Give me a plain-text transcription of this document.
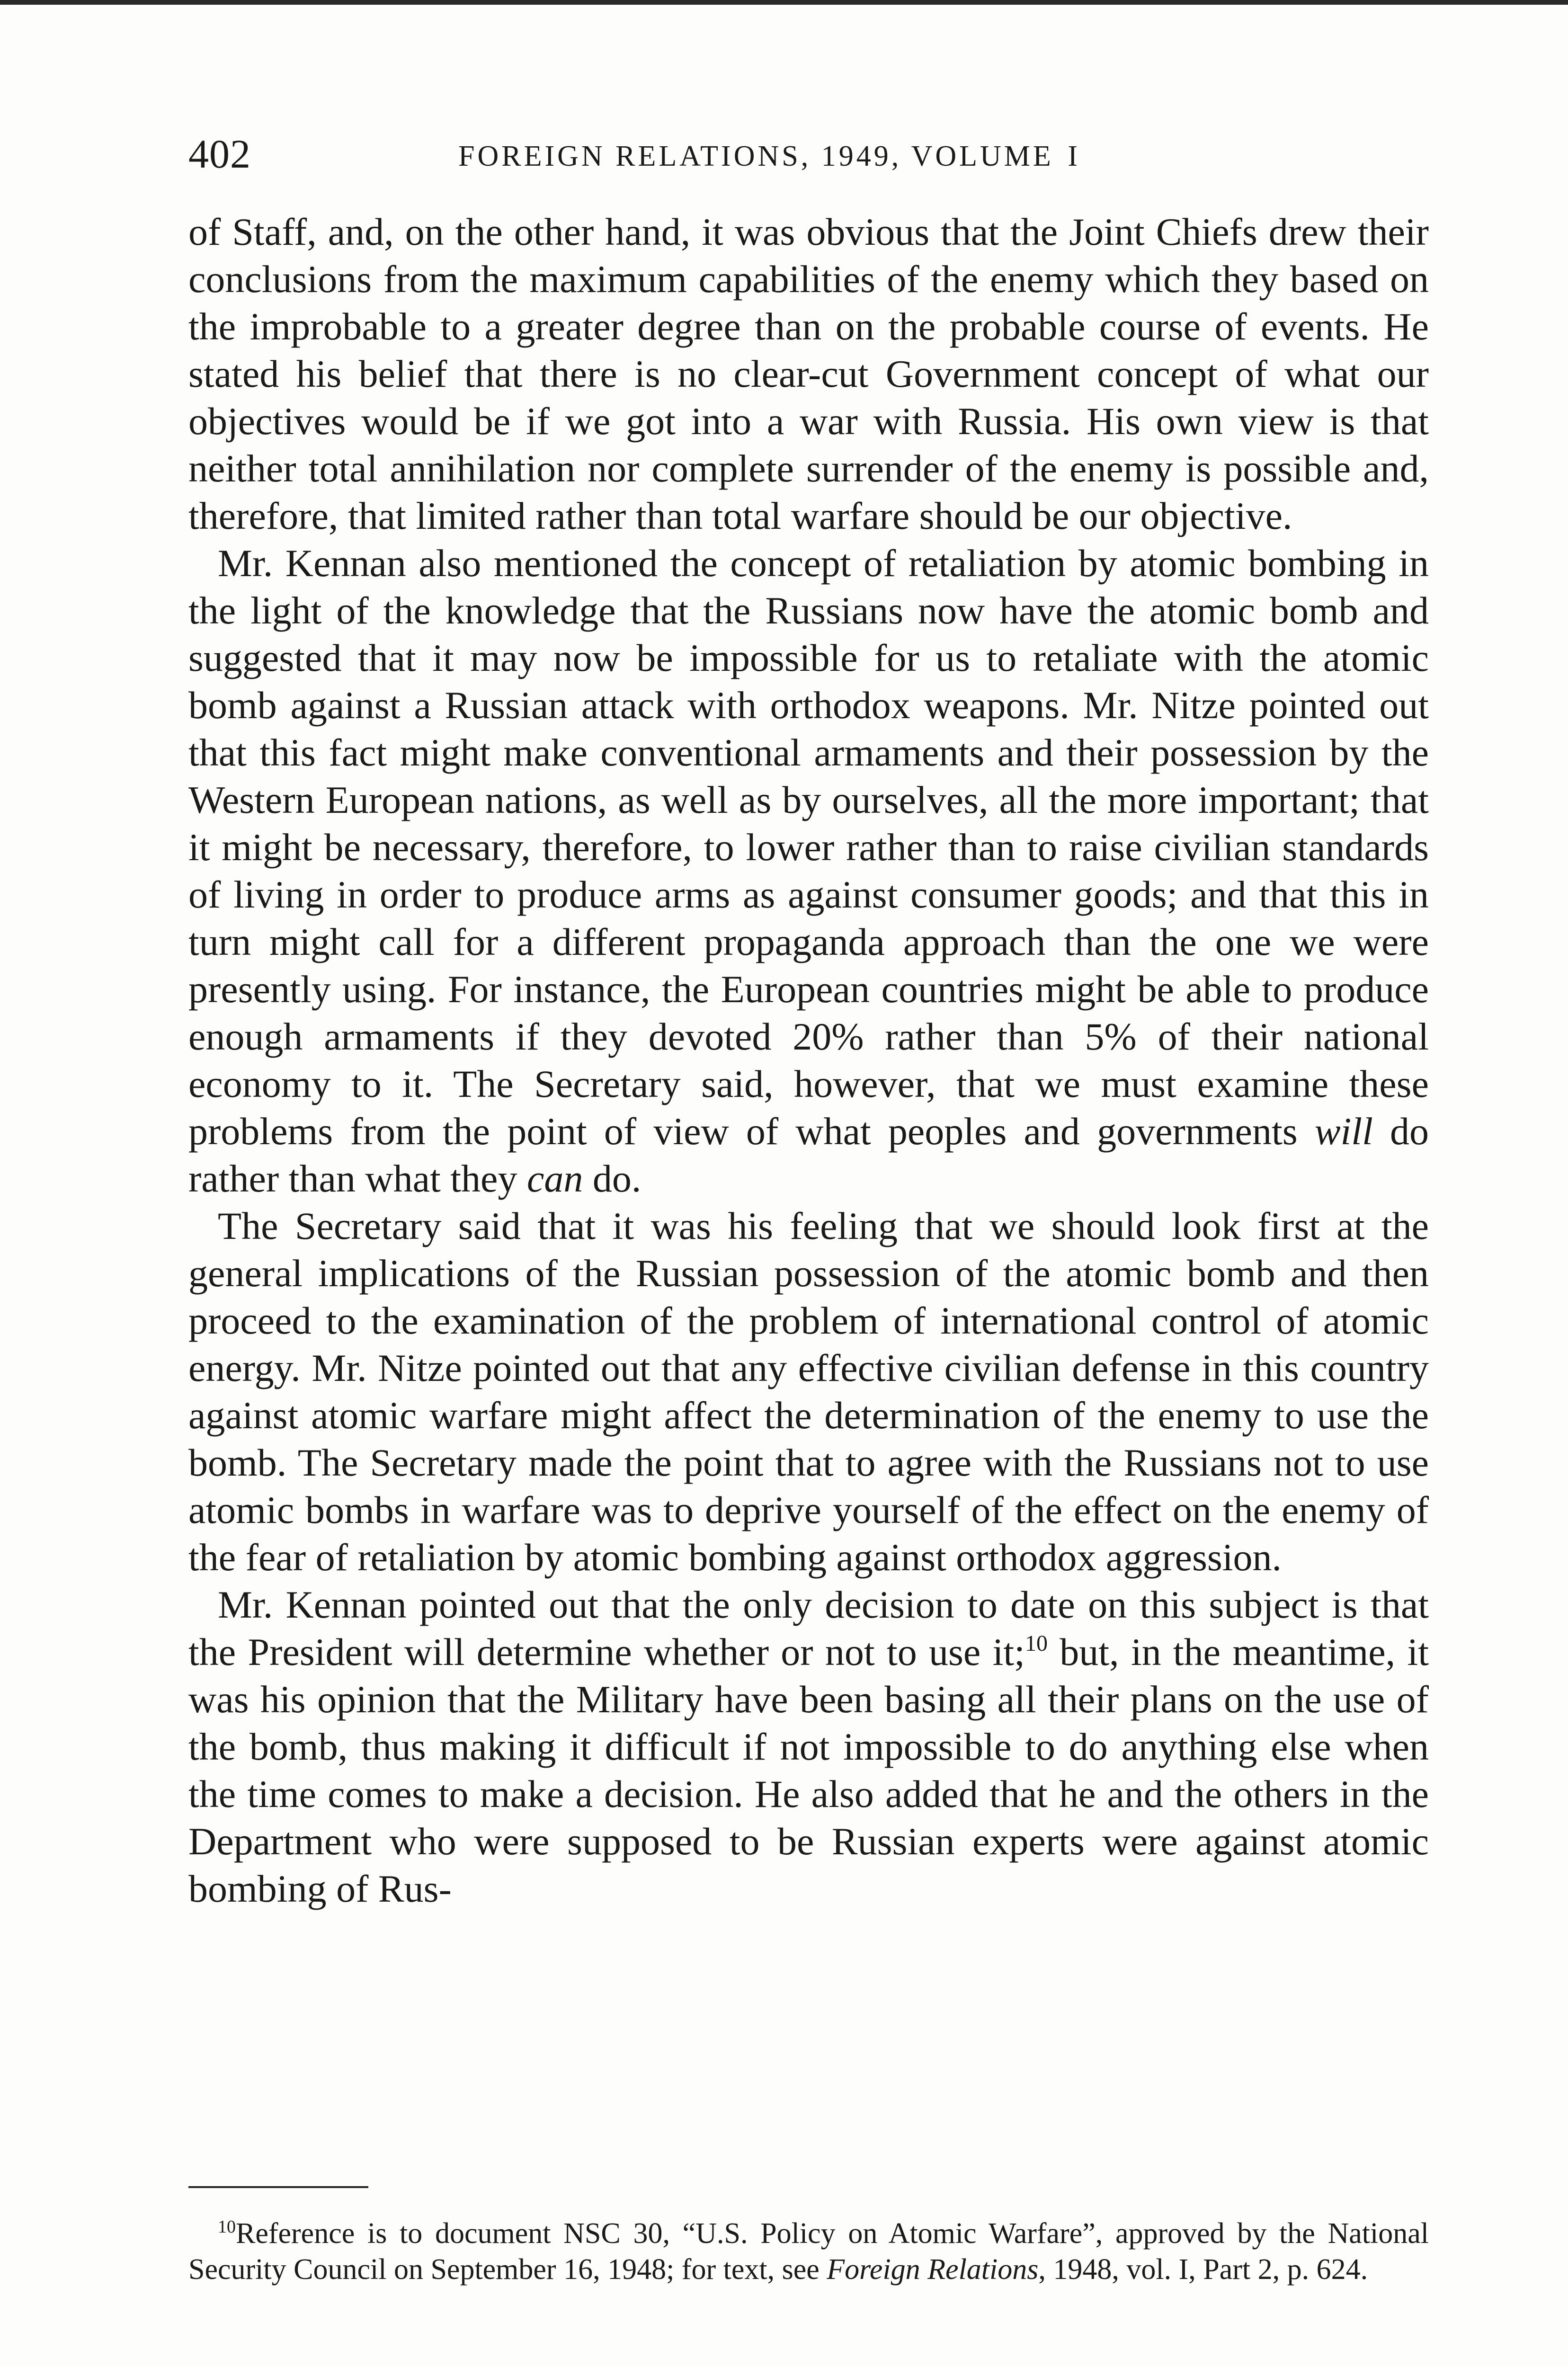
402	FOREIGN RELATIONS, 1949, VOLUME I

of Staff, and, on the other hand, it was obvious that the Joint Chiefs drew their conclusions from the maximum capabilities of the enemy which they based on the improbable to a greater degree than on the probable course of events. He stated his belief that there is no clear-cut Government concept of what our objectives would be if we got into a war with Russia. His own view is that neither total annihilation nor complete surrender of the enemy is possible and, therefore, that limited rather than total warfare should be our objective.

Mr. Kennan also mentioned the concept of retaliation by atomic bombing in the light of the knowledge that the Russians now have the atomic bomb and suggested that it may now be impossible for us to retaliate with the atomic bomb against a Russian attack with orthodox weapons. Mr. Nitze pointed out that this fact might make conventional armaments and their possession by the Western European nations, as well as by ourselves, all the more important; that it might be necessary, therefore, to lower rather than to raise civilian standards of living in order to produce arms as against consumer goods; and that this in turn might call for a different propaganda approach than the one we were presently using. For instance, the European countries might be able to produce enough armaments if they devoted 20% rather than 5% of their national economy to it. The Secretary said, however, that we must examine these problems from the point of view of what peoples and governments will do rather than what they can do.

The Secretary said that it was his feeling that we should look first at the general implications of the Russian possession of the atomic bomb and then proceed to the examination of the problem of international control of atomic energy. Mr. Nitze pointed out that any effective civilian defense in this country against atomic warfare might affect the determination of the enemy to use the bomb. The Secretary made the point that to agree with the Russians not to use atomic bombs in warfare was to deprive yourself of the effect on the enemy of the fear of retaliation by atomic bombing against orthodox aggression.

Mr. Kennan pointed out that the only decision to date on this subject is that the President will determine whether or not to use it;$^{10}$ but, in the meantime, it was his opinion that the Military have been basing all their plans on the use of the bomb, thus making it difficult if not impossible to do anything else when the time comes to make a decision. He also added that he and the others in the Department who were supposed to be Russian experts were against atomic bombing of Rus-

$^{10}$Reference is to document NSC 30, “U.S. Policy on Atomic Warfare”, approved by the National Security Council on September 16, 1948; for text, see Foreign Relations, 1948, vol. I, Part 2, p. 624.
